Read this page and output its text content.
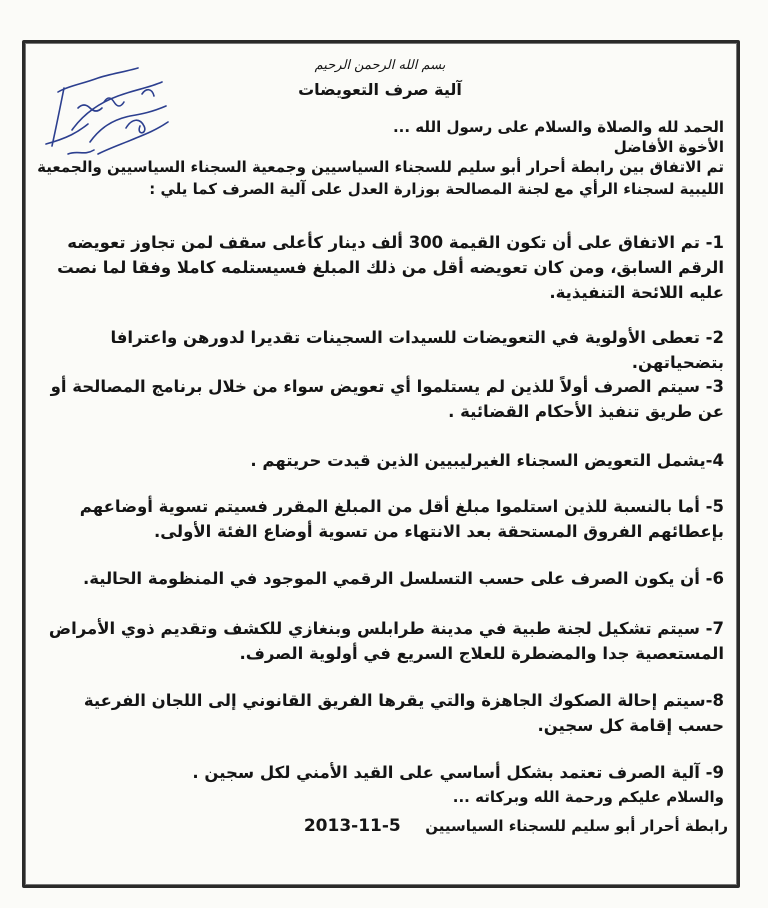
بسم الله الرحمن الرحيم
آلية صرف التعويضات
الحمد لله والصلاة والسلام على رسول الله ...
الأخوة الأفاضل
تم الاتفاق بين رابطة أحرار أبو سليم للسجناء السياسيين وجمعية السجناء السياسيين والجمعية الليبية لسجناء الرأي مع لجنة المصالحة بوزارة العدل على آلية الصرف كما يلي :
1- تم الاتفاق على أن تكون القيمة 300 ألف دينار كأعلى سقف لمن تجاوز تعويضه الرقم السابق، ومن كان تعويضه أقل من ذلك المبلغ فسيستلمه كاملا وفقا لما نصت عليه اللائحة التنفيذية.
2- تعطى الأولوية في التعويضات للسيدات السجينات تقديرا لدورهن واعترافا بتضحياتهن.
3- سيتم الصرف أولاً للذين لم يستلموا أي تعويض سواء من خلال برنامج المصالحة أو عن طريق تنفيذ الأحكام القضائية .
4-يشمل التعويض السجناء الغيرليبيين الذين قيدت حريتهم .
5- أما بالنسبة للذين استلموا مبلغ أقل من المبلغ المقرر فسيتم تسوية أوضاعهم بإعطائهم الفروق المستحقة بعد الانتهاء من تسوية أوضاع الفئة الأولى.
6- أن يكون الصرف على حسب التسلسل الرقمي الموجود في المنظومة الحالية.
7- سيتم تشكيل لجنة طبية في مدينة طرابلس وبنغازي للكشف وتقديم ذوي الأمراض المستعصية جدا والمضطرة للعلاج السريع في أولوية الصرف.
8-سيتم إحالة الصكوك الجاهزة والتي يقرها الفريق القانوني إلى اللجان الفرعية حسب إقامة كل سجين.
9- آلية الصرف تعتمد بشكل أساسي على القيد الأمني لكل سجين .
والسلام عليكم ورحمة الله وبركاته ...
رابطة أحرار أبو سليم للسجناء السياسيين  2013-11-5
